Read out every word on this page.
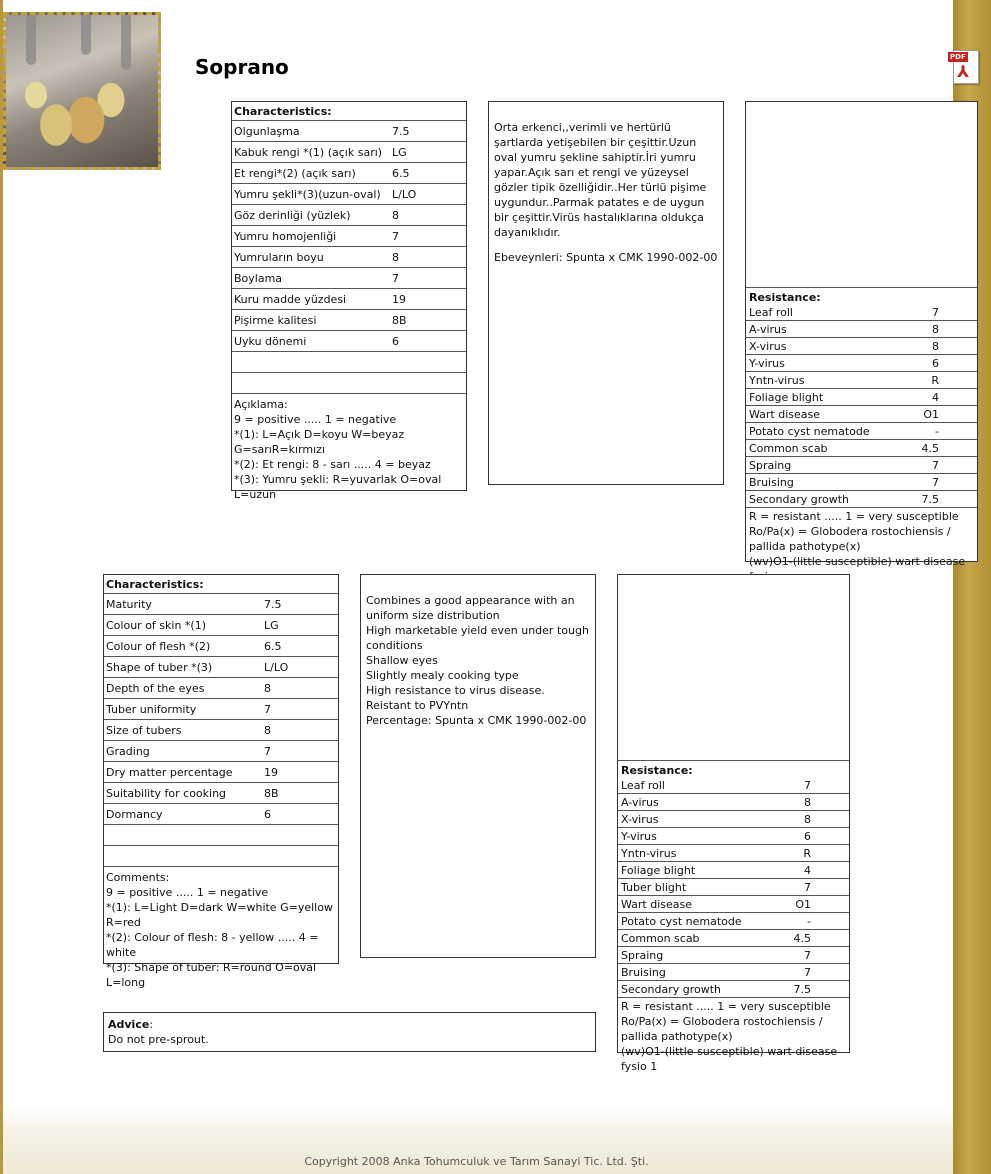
Soprano	PDF
⅄
Characteristics:
Olgunlaşma	7.5
Kabuk rengi *(1) (açık sarı)	LG
Et rengi*(2) (açık sarı)	6.5
Yumru şekli*(3)(uzun-oval)	L/LO
Göz derinliği (yüzlek)	8
Yumru homojenliği	7
Yumruların boyu	8
Boylama	7
Kuru madde yüzdesi	19
Pişirme kalitesi	8B
Uyku dönemi	6
Açıklama:
9 = positive ..... 1 = negative
*(1): L=Açık D=koyu W=beyaz
G=sarıR=kırmızı
*(2): Et rengi: 8 - sarı ..... 4 = beyaz
*(3): Yumru şekli: R=yuvarlak O=oval L=uzun

Orta erkenci,,verimli ve hertürlü şartlarda yetişebilen bir çeşittir.Uzun oval yumru şekline sahiptir.İri yumru yapar.Açık sarı et rengi ve yüzeysel gözler tipik özelliğidir..Her türlü pişime uygundur..Parmak patates e de uygun bir çeşittir.Virüs hastalıklarına oldukça dayanıklıdır.

Ebeveynleri: Spunta x CMK 1990-002-00

Resistance:
Leaf roll	7
A-virus	8
X-virus	8
Y-virus	6
Yntn-virus	R
Foliage blight	4
Wart disease	O1
Potato cyst nematode	-
Common scab	4.5
Spraing	7
Bruising	7
Secondary growth	7.5
R = resistant ..... 1 = very susceptible
Ro/Pa(x) = Globodera rostochiensis /
pallida pathotype(x)
(wv)O1-(little susceptible) wart disease
Characteristics:
Maturity	7.5
Colour of skin *(1)	LG
Colour of flesh *(2)	6.5
Shape of tuber *(3)	L/LO
Depth of the eyes	8
Tuber uniformity	7
Size of tubers	8
Grading	7
Dry matter percentage	19
Suitability for cooking	8B
Dormancy	6
Comments:
9 = positive ..... 1 = negative
*(1): L=Light D=dark W=white G=yellow R=red
*(2): Colour of flesh: 8 - yellow ..... 4 = white
*(3): Shape of tuber: R=round O=oval L=long
Combines a good appearance with an uniform size distribution
High marketable yield even under tough conditions
Shallow eyes
Slightly mealy cooking type
High resistance to virus disease.
Reistant to PVYntn
Percentage: Spunta x CMK 1990-002-00
Resistance:
Leaf roll	7
A-virus	8
X-virus	8
Y-virus	6
Yntn-virus	R
Foliage blight	4
Tuber blight	7
Wart disease	O1
Potato cyst nematode	-
Common scab	4.5
Spraing	7
Bruising	7
Secondary growth	7.5
R = resistant ..... 1 = very susceptible
Ro/Pa(x) = Globodera rostochiensis /
pallida pathotype(x)
(wv)O1-(little susceptible) wart disease fysio 1
Advice:
Do not pre-sprout.
Copyright 2008 Anka Tohumculuk ve Tarım Sanayi Tic. Ltd. Şti.
